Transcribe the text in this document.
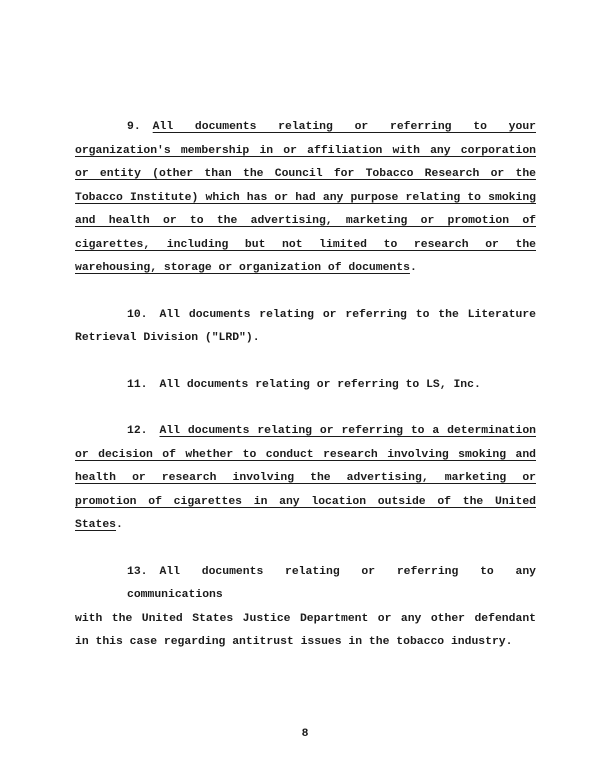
9. All documents relating or referring to your
organization's membership in or affiliation with any corporation
or entity (other than the Council for Tobacco Research or the
Tobacco Institute) which has or had any purpose relating to smoking
and health or to the advertising, marketing or promotion of
cigarettes, including but not limited to research or the
warehousing, storage or organization of documents.
10. All documents relating or referring to the Literature
Retrieval Division ("LRD").
11. All documents relating or referring to LS, Inc.
12. All documents relating or referring to a determination
or decision of whether to conduct research involving smoking and
health or research involving the advertising, marketing or
promotion of cigarettes in any location outside of the United
States.
13. All documents relating or referring to any communications
with the United States Justice Department or any other defendant
in this case regarding antitrust issues in the tobacco industry.
8
